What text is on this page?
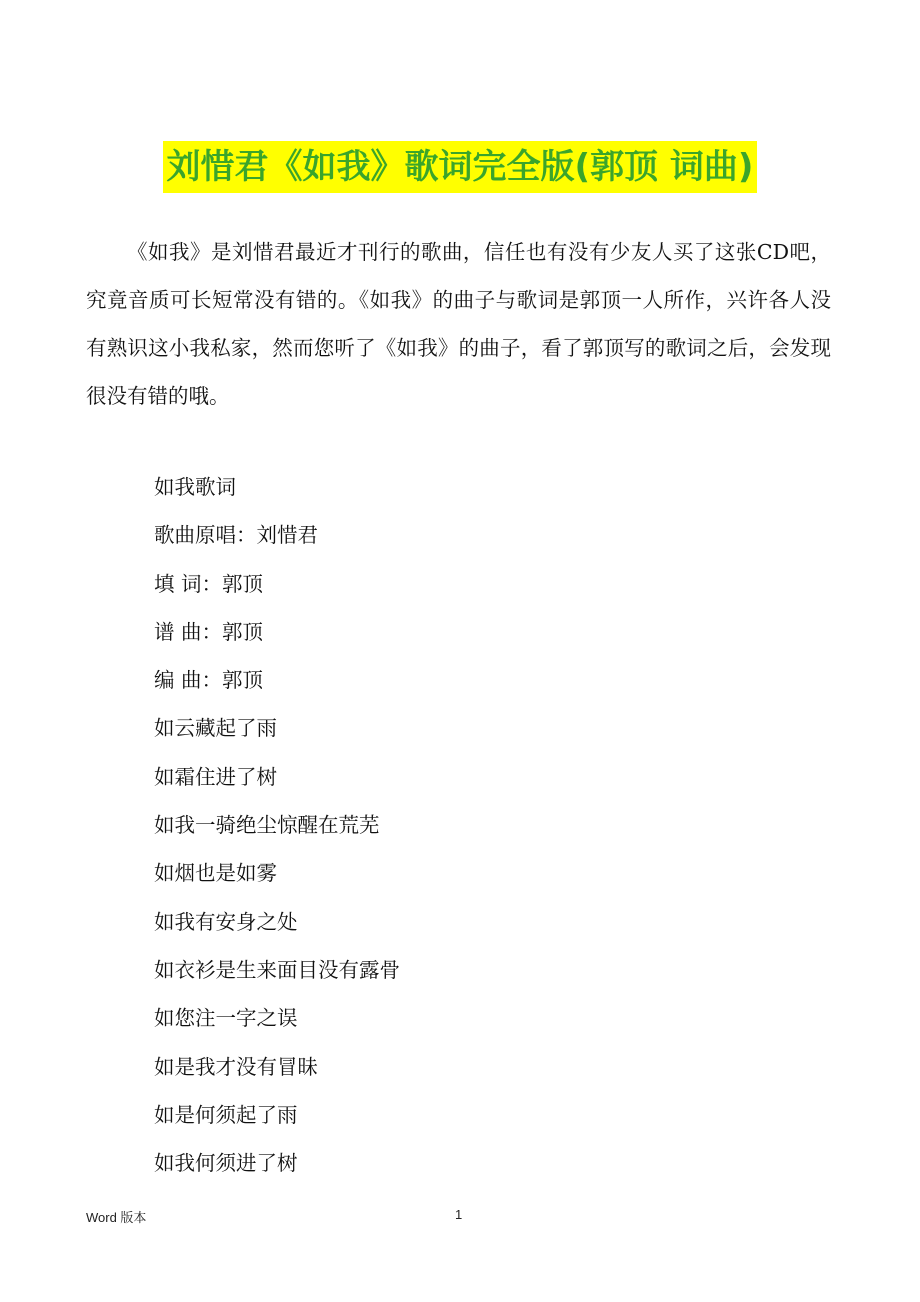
刘惜君《如我》歌词完全版(郭顶 词曲)

《如我》是刘惜君最近才刊行的歌曲，信任也有没有少友人买了这张CD吧，究竟音质可长短常没有错的。《如我》的曲子与歌词是郭顶一人所作，兴许各人没有熟识这小我私家，然而您听了《如我》的曲子，看了郭顶写的歌词之后，会发现很没有错的哦。

如我歌词
歌曲原唱：刘惜君
填 词：郭顶
谱 曲：郭顶
编 曲：郭顶
如云藏起了雨
如霜住进了树
如我一骑绝尘惊醒在荒芜
如烟也是如雾
如我有安身之处
如衣衫是生来面目没有露骨
如您注一字之误
如是我才没有冒昧
如是何须起了雨
如我何须进了树
Word 版本	1
